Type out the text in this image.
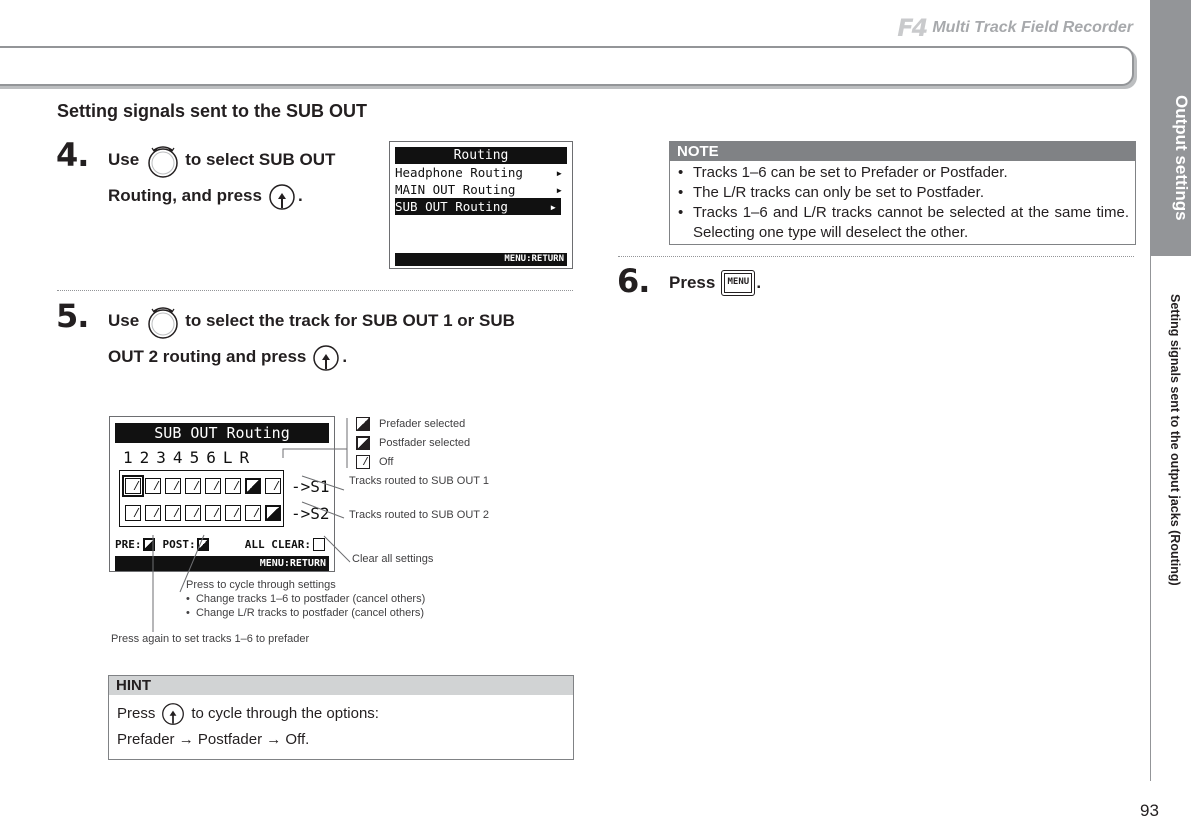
F4 Multi Track Field Recorder
Output settings
Setting signals sent to the output jacks (Routing)
93
Setting signals sent to the SUB OUT
4. Use	to select SUB OUT
Routing, and press .
Routing
Headphone Routing	▸
MAIN OUT Routing	▸
SUB OUT Routing	▸
MENU:RETURN
5. Use	to select the track for SUB OUT 1 or SUB
OUT 2 routing and press .
SUB OUT Routing
123456LR
->S1
->S2
PRE: POST:	ALL CLEAR:
MENU:RETURN
Prefader selected
Postfader selected
Off
Tracks routed to SUB OUT 1
Tracks routed to SUB OUT 2
Clear all settings
Press to cycle through settings
•  Change tracks 1–6 to postfader (cancel others)
•  Change L/R tracks to postfader (cancel others)
Press again to set tracks 1–6 to prefader
HINT
Press to cycle through the options:
Prefader → Postfader → Off.
NOTE
• Tracks 1–6 can be set to Prefader or Postfader.
• The L/R tracks can only be set to Postfader.
• Tracks 1–6 and L/R tracks cannot be selected at the same time. Selecting one type will deselect the other.
6. Press	MENU .
